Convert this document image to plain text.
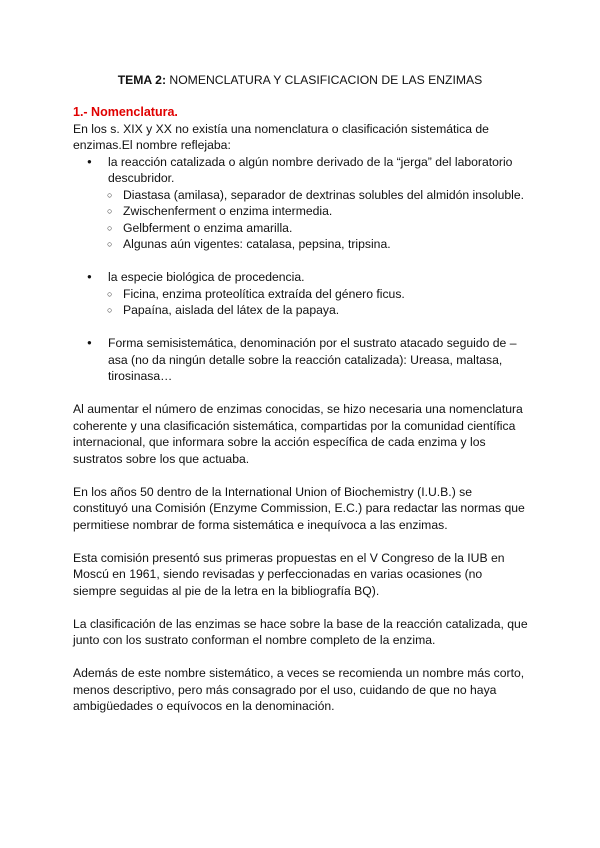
TEMA 2: NOMENCLATURA Y CLASIFICACION DE LAS ENZIMAS

1.- Nomenclatura.

En los s. XIX y XX no existía una nomenclatura o clasificación sistemática de enzimas.El nombre reflejaba:

● la reacción catalizada o algún nombre derivado de la “jerga” del laboratorio descubridor.
○ Diastasa (amilasa), separador de dextrinas solubles del almidón insoluble.
○ Zwischenferment o enzima intermedia.
○ Gelbferment o enzima amarilla.
○ Algunas aún vigentes: catalasa, pepsina, tripsina.
● la especie biológica de procedencia.
○ Ficina, enzima proteolítica extraída del género ficus.
○ Papaína, aislada del látex de la papaya.
● Forma semisistemática, denominación por el sustrato atacado seguido de –asa (no da ningún detalle sobre la reacción catalizada): Ureasa, maltasa, tirosinasa…

Al aumentar el número de enzimas conocidas, se hizo necesaria una nomenclatura coherente y una clasificación sistemática, compartidas por la comunidad científica internacional, que informara sobre la acción específica de cada enzima y los sustratos sobre los que actuaba.

En los años 50 dentro de la International Union of Biochemistry (I.U.B.) se constituyó una Comisión (Enzyme Commission, E.C.) para redactar las normas que permitiese nombrar de forma sistemática e inequívoca a las enzimas.

Esta comisión presentó sus primeras propuestas en el V Congreso de la IUB en Moscú en 1961, siendo revisadas y perfeccionadas en varias ocasiones (no siempre seguidas al pie de la letra en la bibliografía BQ).

La clasificación de las enzimas se hace sobre la base de la reacción catalizada, que junto con los sustrato conforman el nombre completo de la enzima.

Además de este nombre sistemático, a veces se recomienda un nombre más corto, menos descriptivo, pero más consagrado por el uso, cuidando de que no haya ambigüedades o equívocos en la denominación.
